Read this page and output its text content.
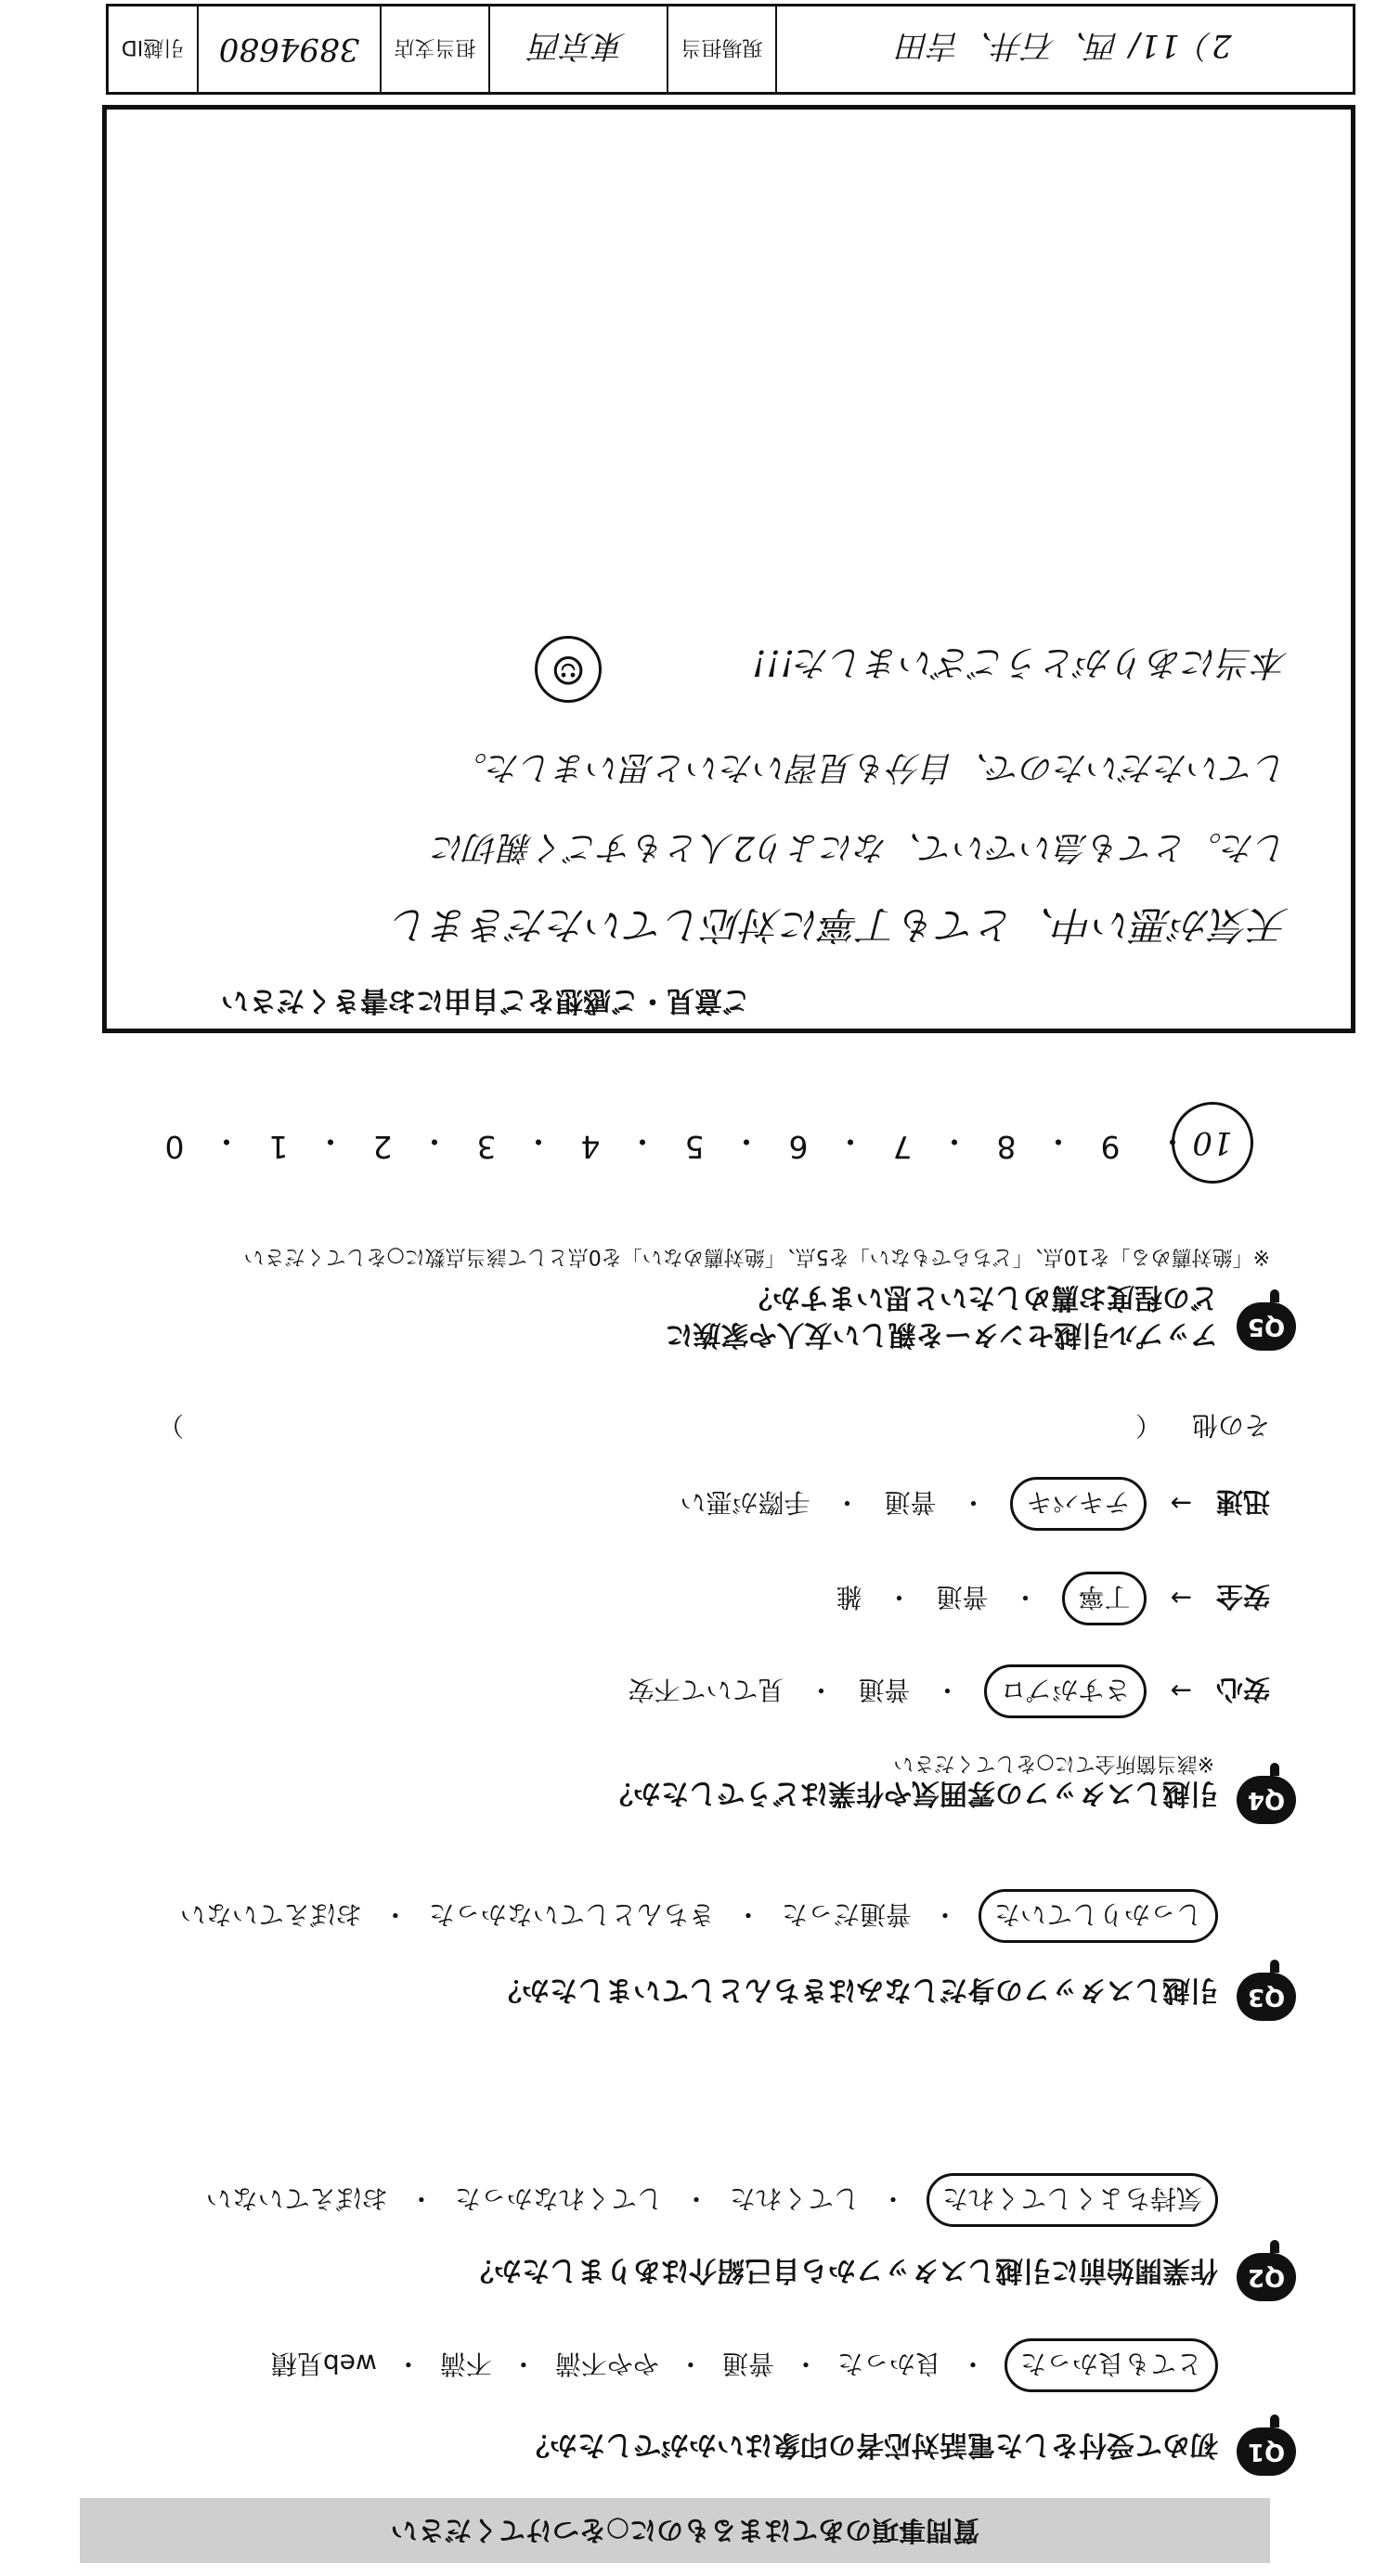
質問事項のあてはまるものに○をつけてください
Q1
初めて受付をした電話対応者の印象はいかがでしたか？
とても良かった
・
良かった
・
普通
・
やや不満
・
不満
・
web見積
Q2
作業開始前に引越しスタッフから自己紹介はありましたか？
気持ちよくしてくれた
・
してくれた
・
してくれなかった
・
おぼえていない
Q3
引越しスタッフの身だしなみはきちんとしていましたか？
しっかりしていた
・
普通だった
・
きちんとしていなかった
・
おぼえていない
Q4
引越しスタッフの雰囲気や作業はどうでしたか？
※該当箇所全てに○をしてください
安心
→
さすがプロ
・
普通
・
見ていて不安
安全
→
丁寧
・
普通
・
雑
迅速
→
テキパキ
・
普通
・
手際が悪い
その他 （
）
Q5
アップル引越センターを親しい友人や家族に
どの程度お薦めしたいと思いますか？
※「絶対薦める」を10点、「どちらでもない」を5点、「絶対薦めない」を0点として該当点数に○をしてください
10
・
9
・
8
・
7
・
6
・
5
・
4
・
3
・
2
・
1
・
0
ご意見・ご感想をご自由にお書きください
天気が悪い中、とても丁寧に対応していただきまし
した。とても急いでいて、なにより2人ともすごく親切に
していただいたので、自分も見習いたいと思いました。
本当にありがとうございました!!!
☺
引越ID 3894680 担当支店 東京西	現場担当	2）11/ 西、石井、吉田
